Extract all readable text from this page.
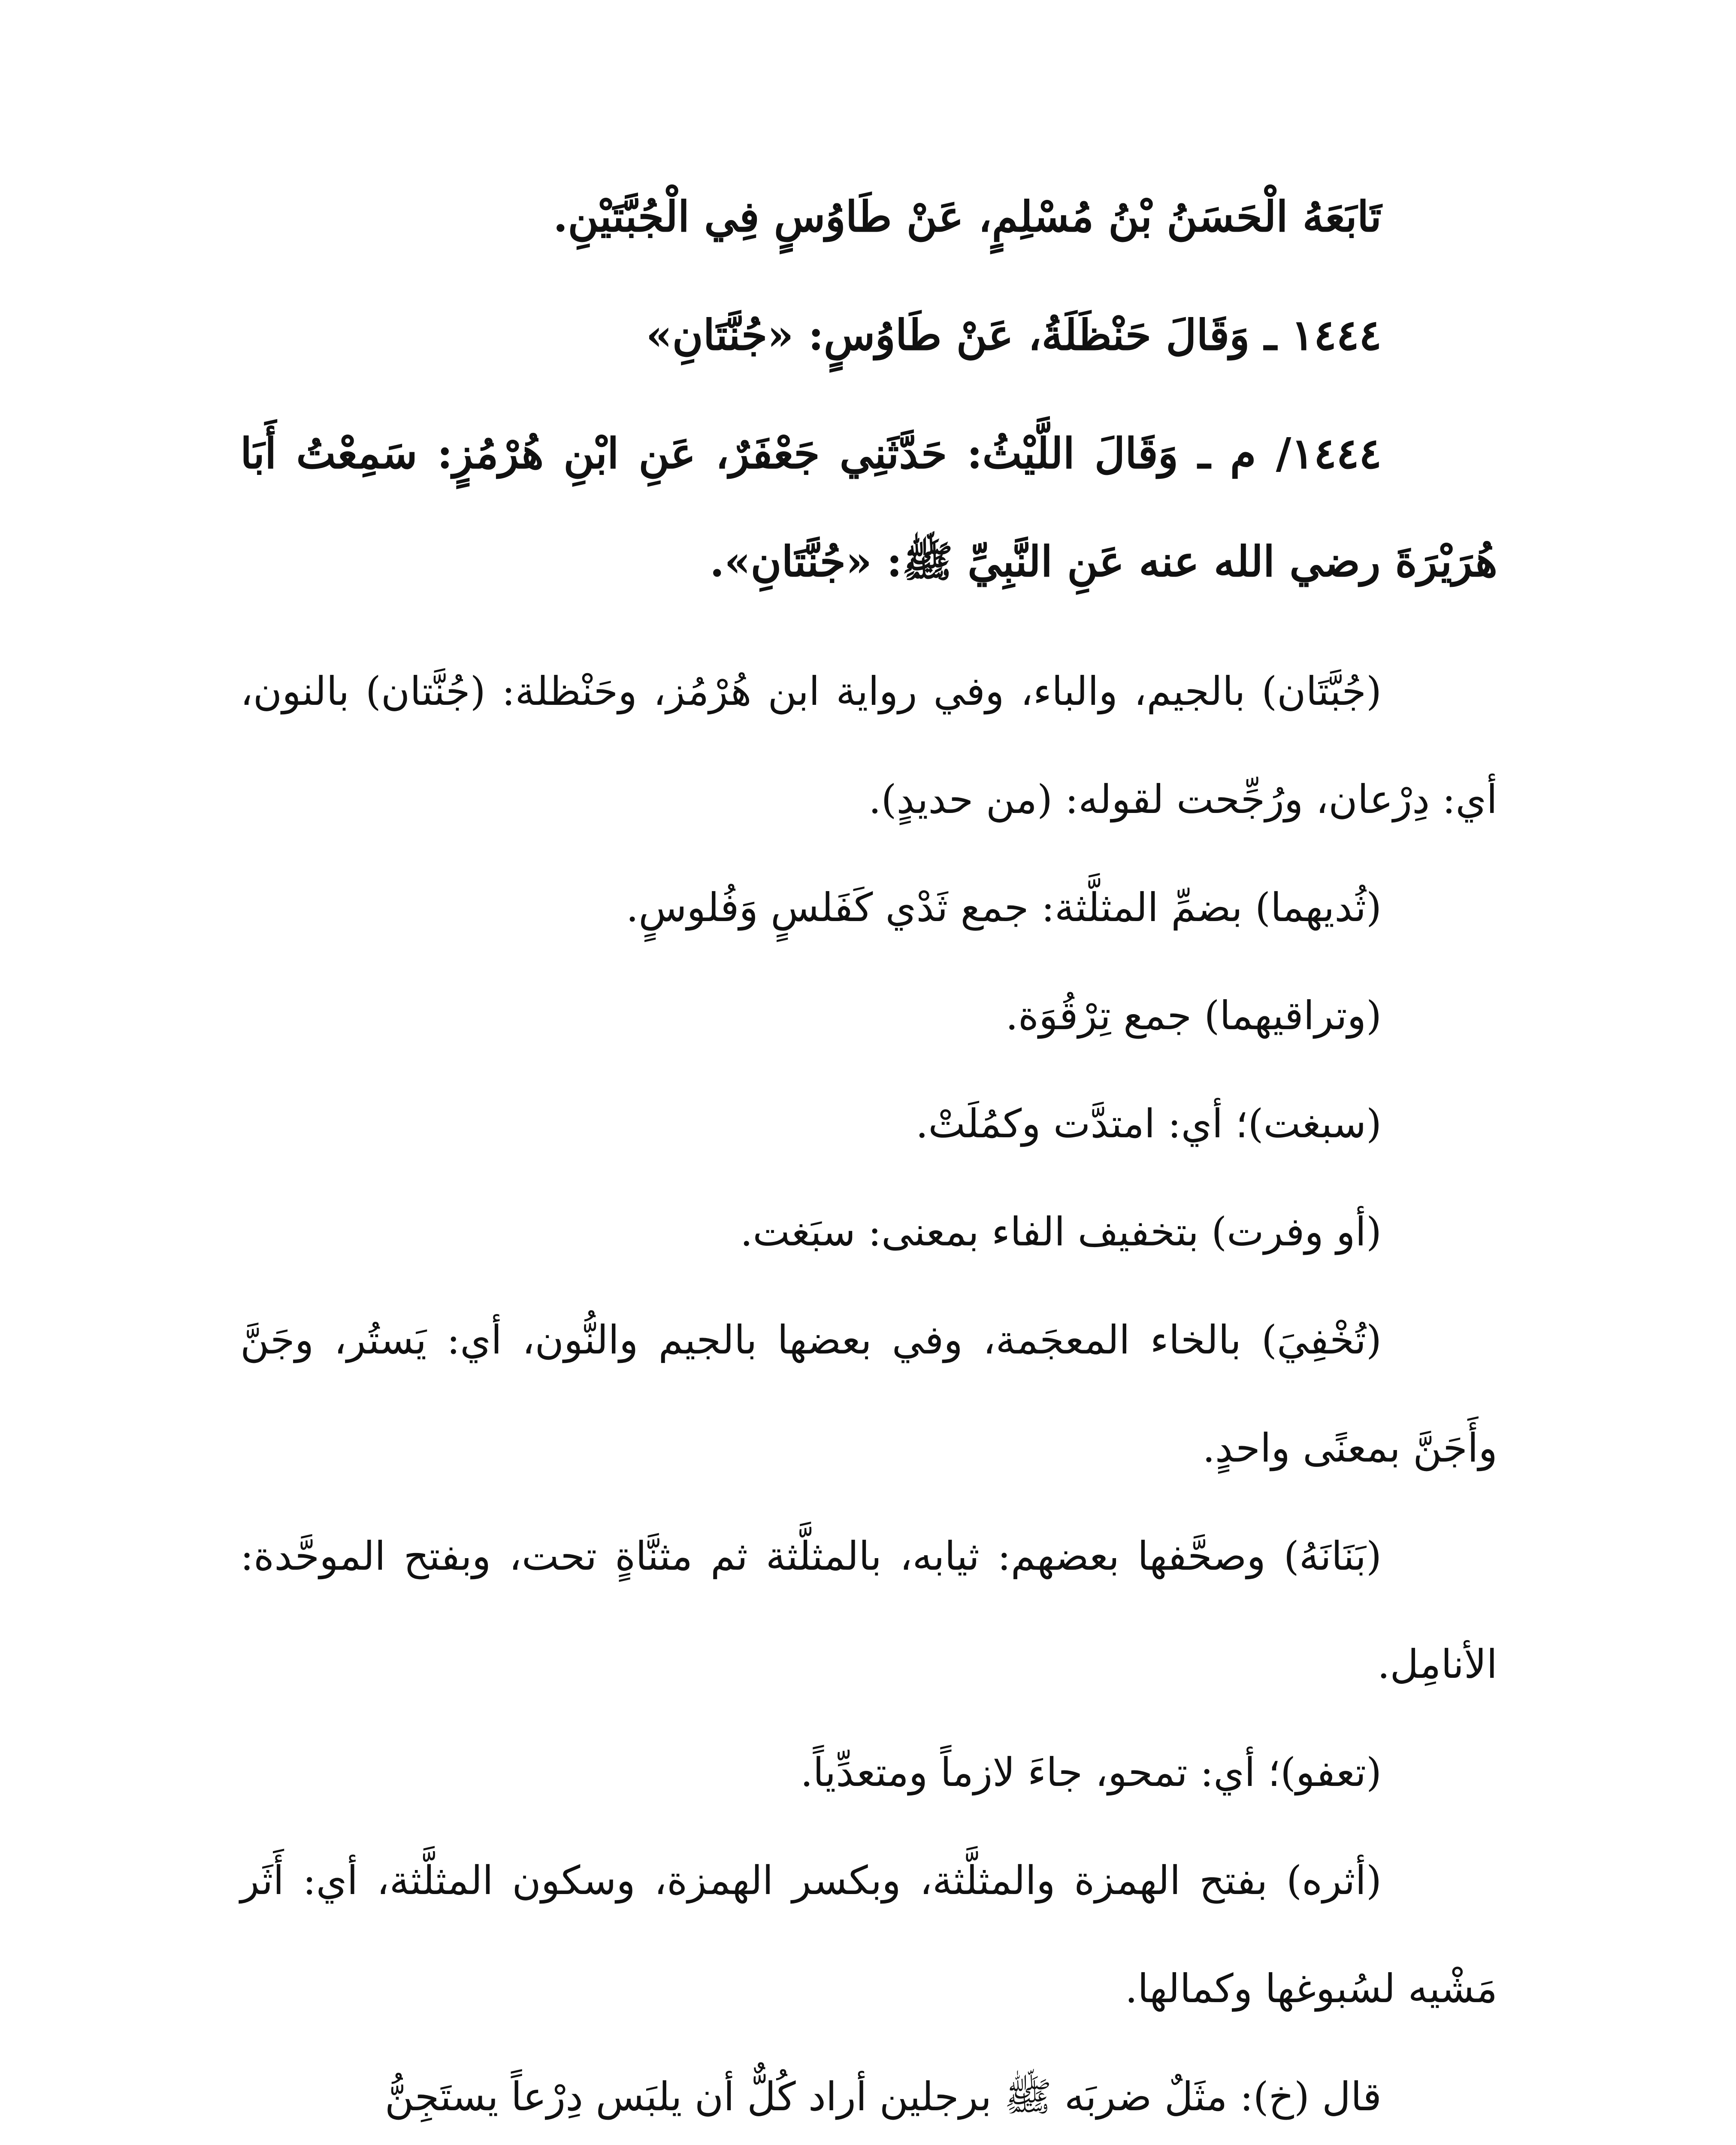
تَابَعَهُ الْحَسَنُ بْنُ مُسْلِمٍ، عَنْ طَاوُسٍ فِي الْجُبَّتَيْنِ.

١٤٤٤ ـ وَقَالَ حَنْظَلَةُ، عَنْ طَاوُسٍ: «جُنَّتَانِ»

١٤٤٤/ م ـ وَقَالَ اللَّيْثُ: حَدَّثَنِي جَعْفَرٌ، عَنِ ابْنِ هُرْمُزٍ: سَمِعْتُ أَبَا هُرَيْرَةَ رضي الله عنه عَنِ النَّبِيِّ ﷺ: «جُنَّتَانِ».

(جُبَّتَان) بالجيم، والباء، وفي رواية ابن هُرْمُز، وحَنْظلة: (جُنَّتان) بالنون، أي: دِرْعان، ورُجِّحت لقوله: (من حديدٍ).

(ثُديهما) بضمِّ المثلَّثة: جمع ثَدْي كَفَلسٍ وَفُلوسٍ.

(وتراقيهما) جمع تِرْقُوَة.

(سبغت)؛ أي: امتدَّت وكمُلَتْ.

(أو وفرت) بتخفيف الفاء بمعنى: سبَغت.

(تُخْفِيَ) بالخاء المعجَمة، وفي بعضها بالجيم والنُّون، أي: يَستُر، وجَنَّ وأَجَنَّ بمعنًى واحدٍ.

(بَنَانَهُ) وصحَّفها بعضهم: ثيابه، بالمثلَّثة ثم مثنَّاةٍ تحت، وبفتح الموحَّدة: الأنامِل.

(تعفو)؛ أي: تمحو، جاءَ لازماً ومتعدِّياً.

(أثره) بفتح الهمزة والمثلَّثة، وبكسر الهمزة، وسكون المثلَّثة، أي: أَثَر مَشْيه لسُبوغها وكمالها.

قال (خ): مثَلٌ ضربَه ﷺ برجلين أراد كُلٌّ أن يلبَس دِرْعاً يستَجِنُّ
